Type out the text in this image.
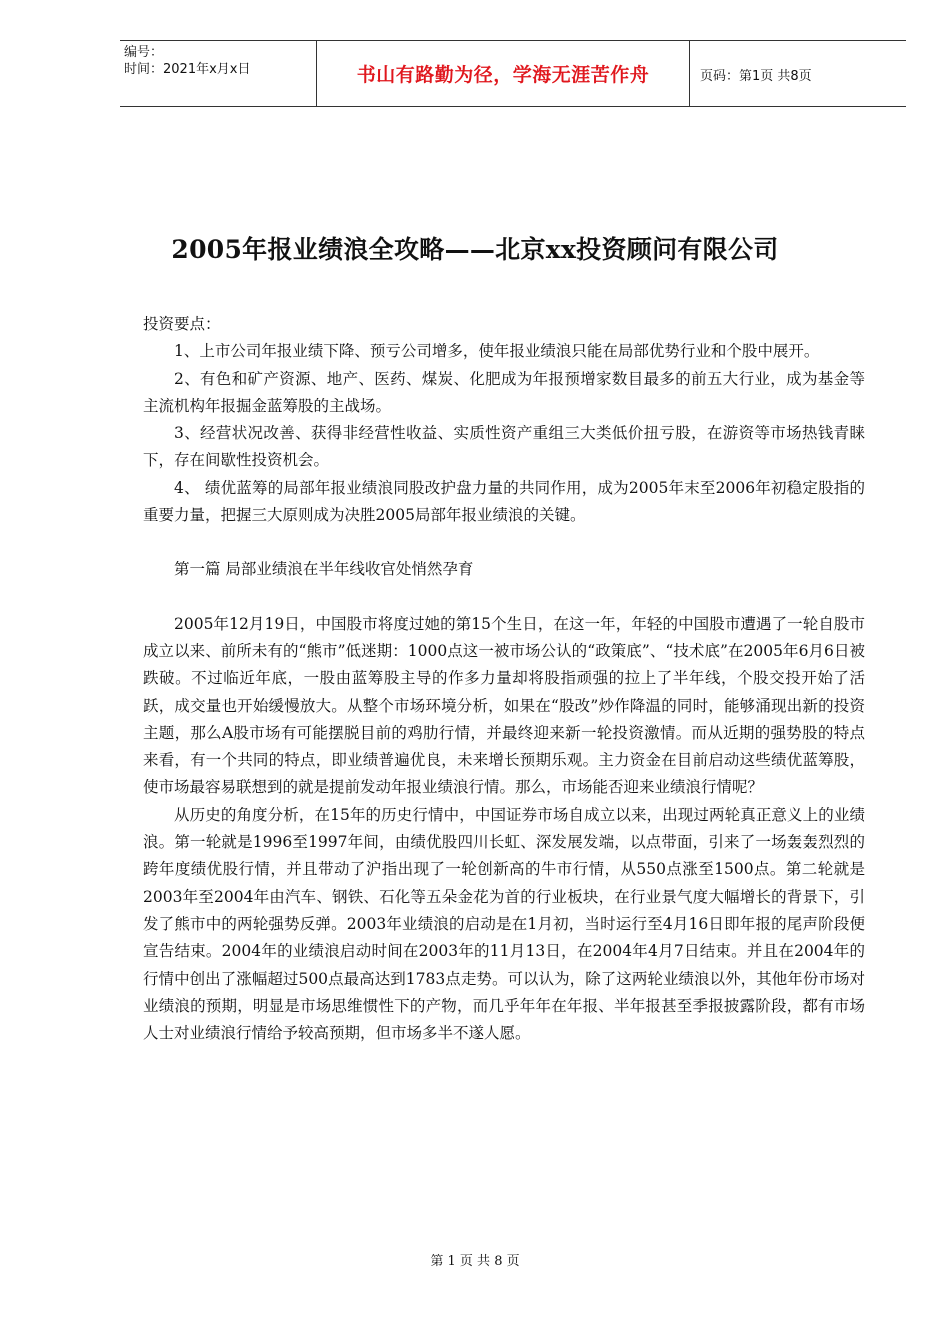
编号：
时间：2021年x月x日	书山有路勤为径，学海无涯苦作舟	页码：第1页 共8页
2005年报业绩浪全攻略——北京xx投资顾问有限公司

投资要点：

1、上市公司年报业绩下降、预亏公司增多，使年报业绩浪只能在局部优势行业和个股中展开。

2、有色和矿产资源、地产、医药、煤炭、化肥成为年报预增家数目最多的前五大行业，成为基金等主流机构年报掘金蓝筹股的主战场。

3、经营状况改善、获得非经营性收益、实质性资产重组三大类低价扭亏股，在游资等市场热钱青睐下，存在间歇性投资机会。

4、 绩优蓝筹的局部年报业绩浪同股改护盘力量的共同作用，成为2005年末至2006年初稳定股指的重要力量，把握三大原则成为决胜2005局部年报业绩浪的关键。

第一篇 局部业绩浪在半年线收官处悄然孕育

2005年12月19日，中国股市将度过她的第15个生日，在这一年，年轻的中国股市遭遇了一轮自股市成立以来、前所未有的“熊市”低迷期：1000点这一被市场公认的“政策底”、“技术底”在2005年6月6日被跌破。不过临近年底，一股由蓝筹股主导的作多力量却将股指顽强的拉上了半年线，个股交投开始了活跃，成交量也开始缓慢放大。从整个市场环境分析，如果在“股改”炒作降温的同时，能够涌现出新的投资主题，那么A股市场有可能摆脱目前的鸡肋行情，并最终迎来新一轮投资激情。而从近期的强势股的特点来看，有一个共同的特点，即业绩普遍优良，未来增长预期乐观。主力资金在目前启动这些绩优蓝筹股，使市场最容易联想到的就是提前发动年报业绩浪行情。那么，市场能否迎来业绩浪行情呢？

从历史的角度分析，在15年的历史行情中，中国证券市场自成立以来，出现过两轮真正意义上的业绩浪。第一轮就是1996至1997年间，由绩优股四川长虹、深发展发端，以点带面，引来了一场轰轰烈烈的跨年度绩优股行情，并且带动了沪指出现了一轮创新高的牛市行情，从550点涨至1500点。第二轮就是2003年至2004年由汽车、钢铁、石化等五朵金花为首的行业板块，在行业景气度大幅增长的背景下，引发了熊市中的两轮强势反弹。2003年业绩浪的启动是在1月初，当时运行至4月16日即年报的尾声阶段便宣告结束。2004年的业绩浪启动时间在2003年的11月13日，在2004年4月7日结束。并且在2004年的行情中创出了涨幅超过500点最高达到1783点走势。可以认为，除了这两轮业绩浪以外，其他年份市场对业绩浪的预期，明显是市场思维惯性下的产物，而几乎年年在年报、半年报甚至季报披露阶段，都有市场人士对业绩浪行情给予较高预期，但市场多半不遂人愿。

第 1 页 共 8 页
